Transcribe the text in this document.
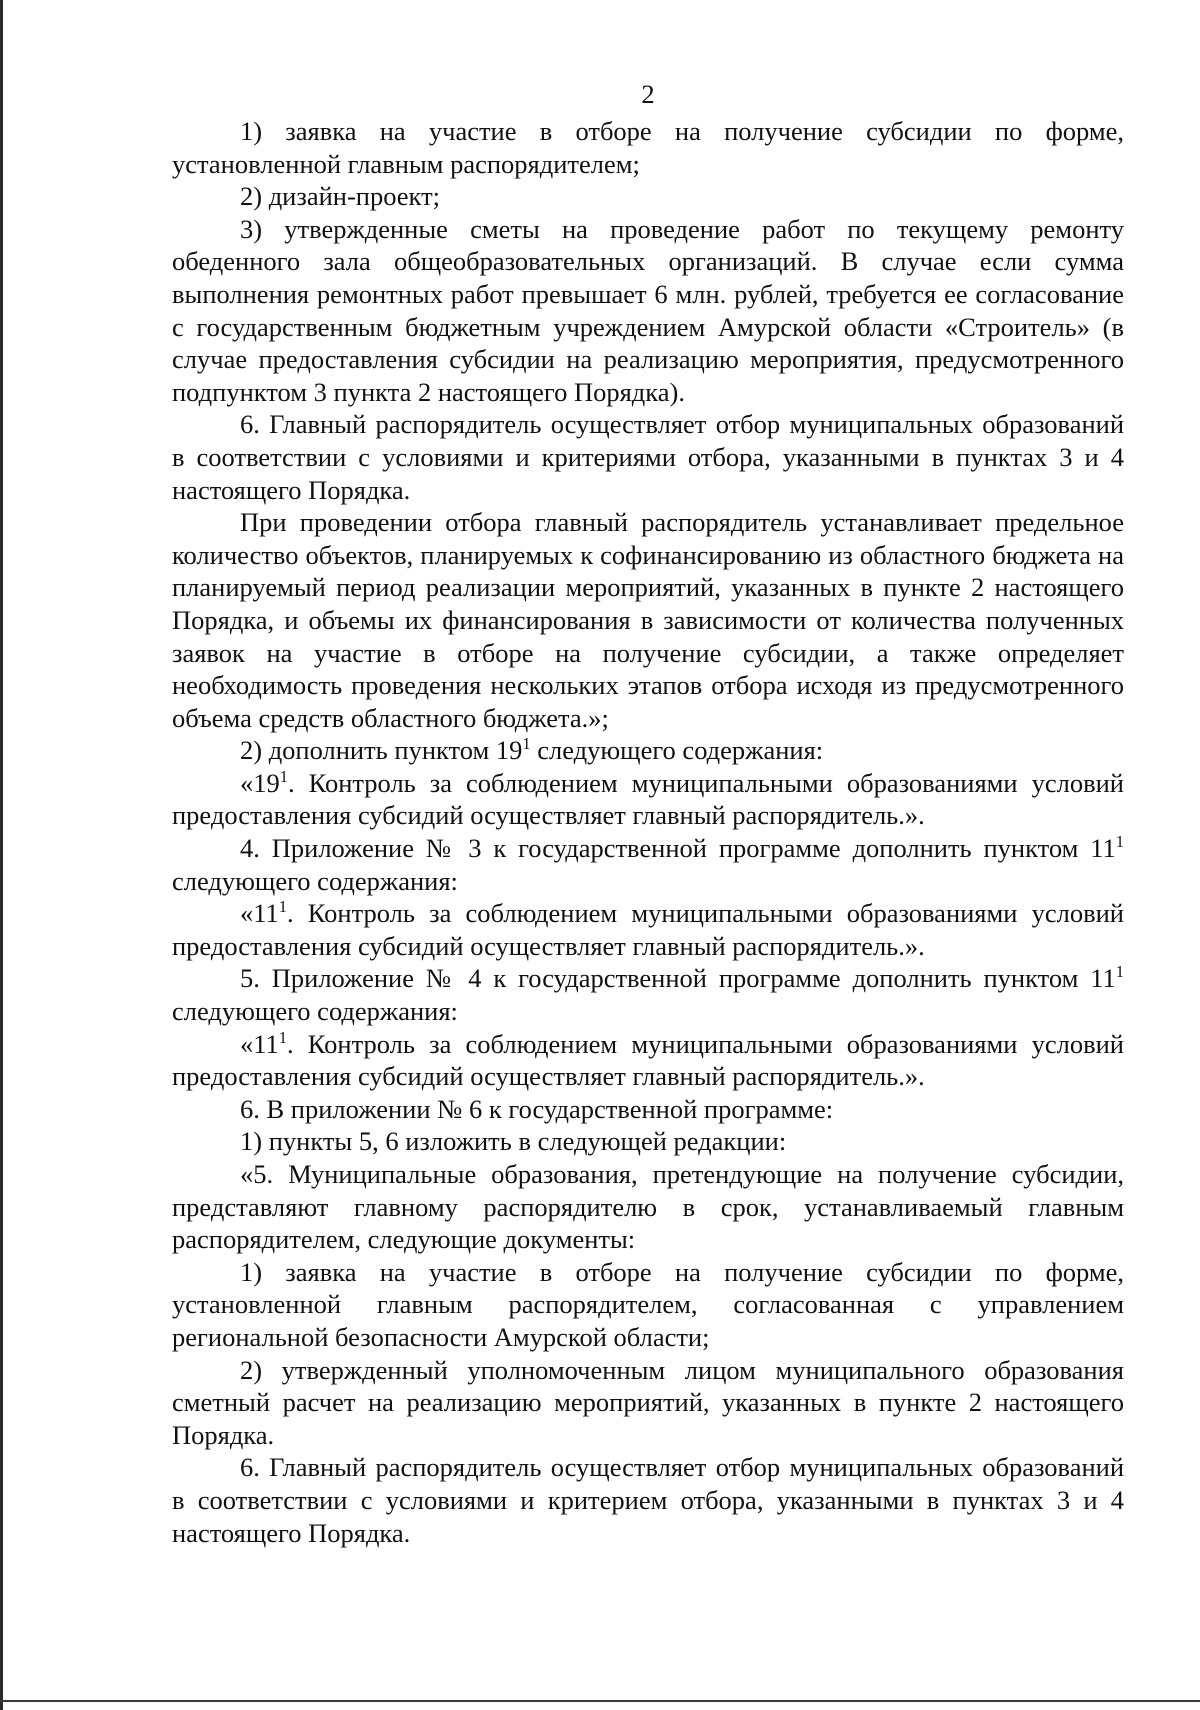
2

1) заявка на участие в отборе на получение субсидии по форме, установленной главным распорядителем;

2) дизайн-проект;

3) утвержденные сметы на проведение работ по текущему ремонту обеденного зала общеобразовательных организаций. В случае если сумма выполнения ремонтных работ превышает 6 млн. рублей, требуется ее согласование с государственным бюджетным учреждением Амурской области «Строитель» (в случае предоставления субсидии на реализацию мероприятия, предусмотренного подпунктом 3 пункта 2 настоящего Порядка).

6. Главный распорядитель осуществляет отбор муниципальных образований в соответствии с условиями и критериями отбора, указанными в пунктах 3 и 4 настоящего Порядка.

При проведении отбора главный распорядитель устанавливает предельное количество объектов, планируемых к софинансированию из областного бюджета на планируемый период реализации мероприятий, указанных в пункте 2 настоящего Порядка, и объемы их финансирования в зависимости от количества полученных заявок на участие в отборе на получение субсидии, а также определяет необходимость проведения нескольких этапов отбора исходя из предусмотренного объема средств областного бюджета.»;

2) дополнить пунктом $19^1$ следующего содержания:

«$19^1$. Контроль за соблюдением муниципальными образованиями условий предоставления субсидий осуществляет главный распорядитель.».

4. Приложение № 3 к государственной программе дополнить пунктом $11^1$ следующего содержания:

«$11^1$. Контроль за соблюдением муниципальными образованиями условий предоставления субсидий осуществляет главный распорядитель.».

5. Приложение № 4 к государственной программе дополнить пунктом $11^1$ следующего содержания:

«$11^1$. Контроль за соблюдением муниципальными образованиями условий предоставления субсидий осуществляет главный распорядитель.».

6. В приложении № 6 к государственной программе:

1) пункты 5, 6 изложить в следующей редакции:

«5. Муниципальные образования, претендующие на получение субсидии, представляют главному распорядителю в срок, устанавливаемый главным распорядителем, следующие документы:

1) заявка на участие в отборе на получение субсидии по форме, установленной главным распорядителем, согласованная с управлением региональной безопасности Амурской области;

2) утвержденный уполномоченным лицом муниципального образования сметный расчет на реализацию мероприятий, указанных в пункте 2 настоящего Порядка.

6. Главный распорядитель осуществляет отбор муниципальных образований в соответствии с условиями и критерием отбора, указанными в пунктах 3 и 4 настоящего Порядка.
